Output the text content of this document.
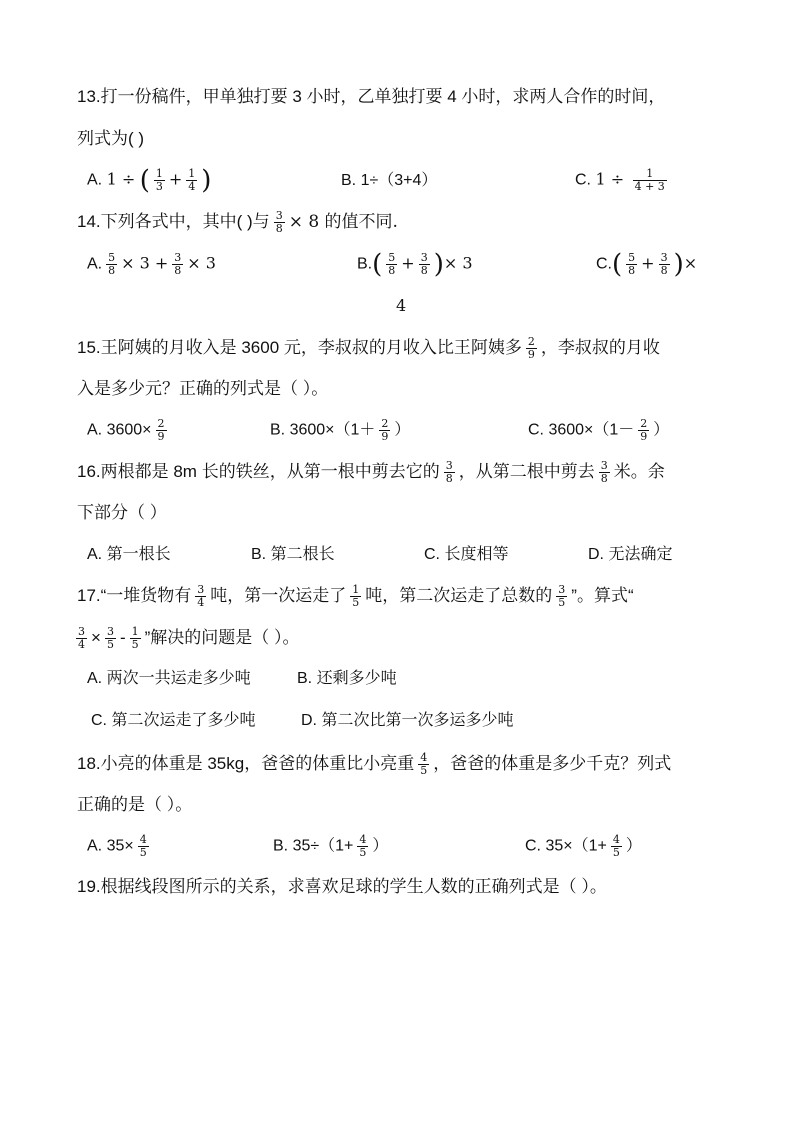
13.打一份稿件，甲单独打要 3 小时，乙单独打要 4 小时，求两人合作的时间，
列式为( )
A. 1 ÷ ( $\frac{1}{3} + \frac{1}{4}$ )	B. 1÷（3+4）	C. $1 \div \frac{1}{4 + 3}$
14.下列各式中，其中( )与 $\frac{3}{8} \times 8$ 的值不同.
A. $\frac{5}{8} \times 3 + \frac{3}{8} \times 3$	$B.( \frac{5}{8} + \frac{3}{8}$ )× 3	$C.( \frac{5}{8} + \frac{3}{8}$ )×
4
15.王阿姨的月收入是 3600 元，李叔叔的月收入比王阿姨多 $\frac{2}{9}$ ，李叔叔的月收
入是多少元？正确的列式是（ ）。
A. $3600\times \frac{2}{9}$	B. $3600\times(1+ \frac{2}{9}$ ）	C. $3600\times(1- \frac{2}{9}$ ）
16.两根都是 8m 长的铁丝，从第一根中剪去它的 $\frac{3}{8}$ ，从第二根中剪去 $\frac{3}{8}$ 米。余
下部分（ ）
A. 第一根长	B. 第二根长	C. 长度相等	D. 无法确定
17.“一堆货物有 $\frac{3}{4}$ 吨，第一次运走了 $\frac{1}{5}$ 吨，第二次运走了总数的 $\frac{3}{5}$ ”。算式“
$\frac{3}{4} \times \frac{3}{5} - \frac{1}{5}$ ”解决的问题是（ ）。
A. 两次一共运走多少吨	B. 还剩多少吨
C. 第二次运走了多少吨	D. 第二次比第一次多运多少吨
18.小亮的体重是 35kg，爸爸的体重比小亮重 $\frac{4}{5}$ ，爸爸的体重是多少千克？列式
正确的是（ ）。
A. $35\times \frac{4}{5}$	B. $35\div(1+ \frac{4}{5}$ ）	C. $35\times(1+ \frac{4}{5}$ ）
19.根据线段图所示的关系，求喜欢足球的学生人数的正确列式是（ ）。
